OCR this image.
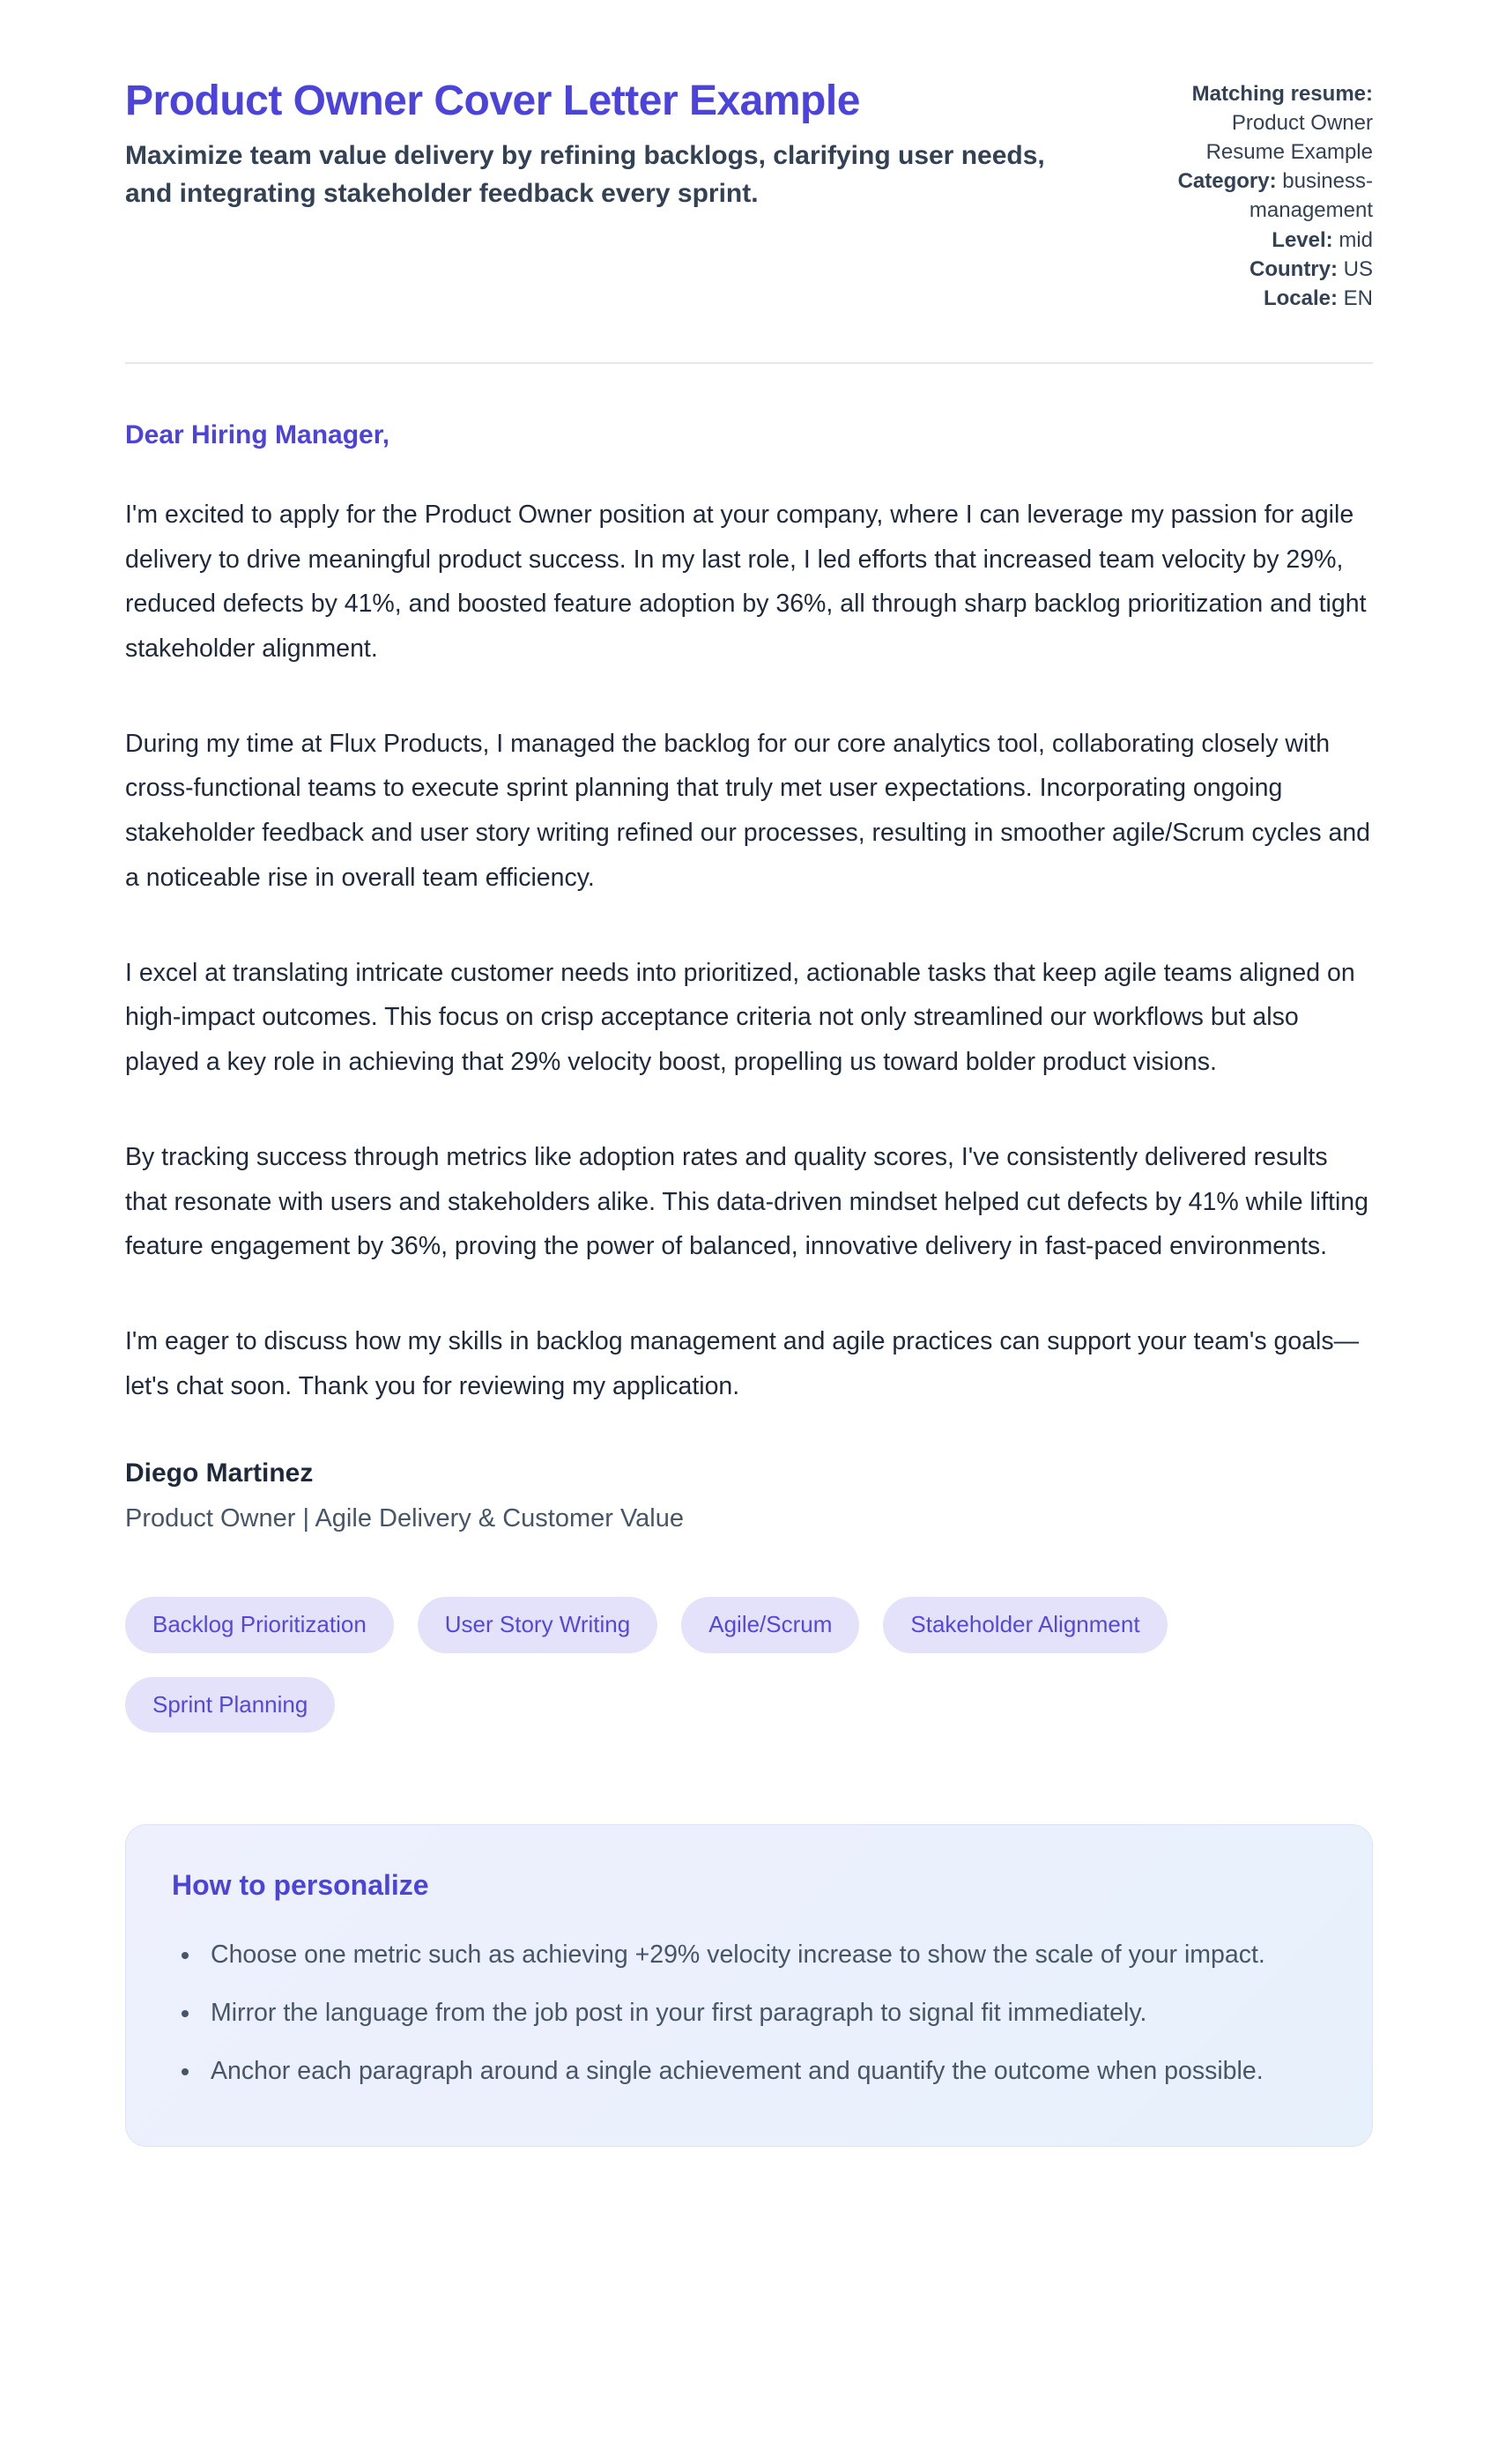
Product Owner Cover Letter Example
Maximize team value delivery by refining backlogs, clarifying user needs, and integrating stakeholder feedback every sprint.
Matching resume: Product Owner Resume Example
Category: business-management
Level: mid
Country: US
Locale: EN
Dear Hiring Manager,

I'm excited to apply for the Product Owner position at your company, where I can leverage my passion for agile delivery to drive meaningful product success. In my last role, I led efforts that increased team velocity by 29%, reduced defects by 41%, and boosted feature adoption by 36%, all through sharp backlog prioritization and tight stakeholder alignment.

During my time at Flux Products, I managed the backlog for our core analytics tool, collaborating closely with cross-functional teams to execute sprint planning that truly met user expectations. Incorporating ongoing stakeholder feedback and user story writing refined our processes, resulting in smoother agile/Scrum cycles and a noticeable rise in overall team efficiency.

I excel at translating intricate customer needs into prioritized, actionable tasks that keep agile teams aligned on high-impact outcomes. This focus on crisp acceptance criteria not only streamlined our workflows but also played a key role in achieving that 29% velocity boost, propelling us toward bolder product visions.

By tracking success through metrics like adoption rates and quality scores, I've consistently delivered results that resonate with users and stakeholders alike. This data-driven mindset helped cut defects by 41% while lifting feature engagement by 36%, proving the power of balanced, innovative delivery in fast-paced environments.

I'm eager to discuss how my skills in backlog management and agile practices can support your team's goals—let's chat soon. Thank you for reviewing my application.

Diego Martinez
Product Owner | Agile Delivery & Customer Value
Backlog Prioritization	User Story Writing	Agile/Scrum	Stakeholder Alignment
Sprint Planning
How to personalize
• Choose one metric such as achieving +29% velocity increase to show the scale of your impact.
• Mirror the language from the job post in your first paragraph to signal fit immediately.
• Anchor each paragraph around a single achievement and quantify the outcome when possible.
